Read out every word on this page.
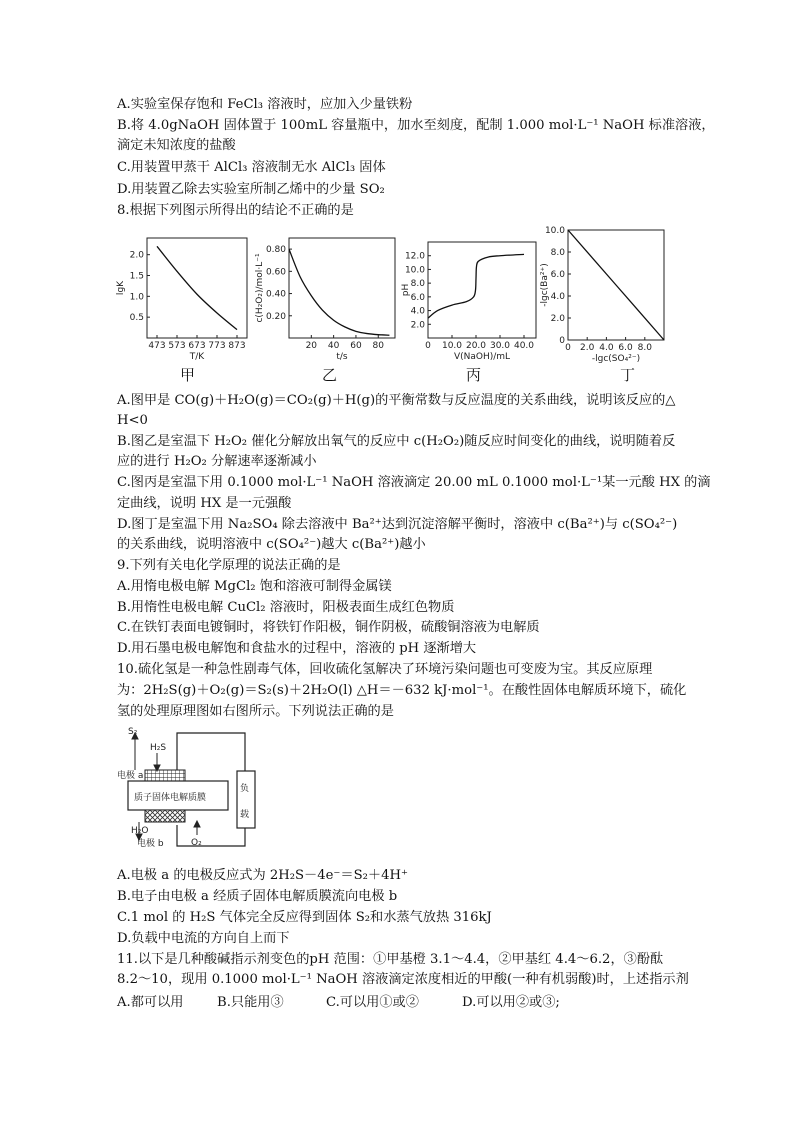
A.实验室保存饱和 FeCl₃ 溶液时，应加入少量铁粉
B.将 4.0gNaOH 固体置于 100mL 容量瓶中，加水至刻度，配制 1.000 mol·L⁻¹ NaOH 标准溶液，
滴定未知浓度的盐酸
C.用装置甲蒸干 AlCl₃ 溶液制无水 AlCl₃ 固体
D.用装置乙除去实验室所制乙烯中的少量 SO₂
8.根据下列图示所得出的结论不正确的是
473 573 673 773 873
0.5
1.0
1.5
2.0
T/K
lgK
20 40 60 80
0.20
0.40
0.60
0.80
t/s
c(H₂O₂)/mol·L⁻¹
0 10.0 20.0 30.0 40.0
2.0
4.0
6.0
8.0
10.0
12.0
V(NaOH)/mL
pH
0 2.0 4.0 6.0 8.0
0
2.0
4.0
6.0
8.0
10.0
-lgc(SO₄²⁻)
-lgc(Ba²⁺)
甲	乙	丙	丁
A.图甲是 CO(g)＋H₂O(g)＝CO₂(g)＋H(g)的平衡常数与反应温度的关系曲线，说明该反应的△
H<0
B.图乙是室温下 H₂O₂ 催化分解放出氧气的反应中 c(H₂O₂)随反应时间变化的曲线，说明随着反
应的进行 H₂O₂ 分解速率逐渐减小
C.图丙是室温下用 0.1000 mol·L⁻¹ NaOH 溶液滴定 20.00 mL 0.1000 mol·L⁻¹某一元酸 HX 的滴
定曲线，说明 HX 是一元强酸
D.图丁是室温下用 Na₂SO₄ 除去溶液中 Ba²⁺达到沉淀溶解平衡时，溶液中 c(Ba²⁺)与 c(SO₄²⁻)
的关系曲线，说明溶液中 c(SO₄²⁻)越大 c(Ba²⁺)越小
9.下列有关电化学原理的说法正确的是
A.用惰电极电解 MgCl₂ 饱和溶液可制得金属镁
B.用惰性电极电解 CuCl₂ 溶液时，阳极表面生成红色物质
C.在铁钉表面电镀铜时，将铁钉作阳极，铜作阴极，硫酸铜溶液为电解质
D.用石墨电极电解饱和食盐水的过程中，溶液的 pH 逐渐增大
10.硫化氢是一种急性剧毒气体，回收硫化氢解决了环境污染问题也可变废为宝。其反应原理
为：2H₂S(g)＋O₂(g)＝S₂(s)＋2H₂O(l) △H＝－632 kJ·mol⁻¹。在酸性固体电解质环境下，硫化
氢的处理原理图如右图所示。下列说法正确的是
S₂
H₂S
电极 a
质子固体电解质膜
H₂O
电极 b	O₂
负
载
A.电极 a 的电极反应式为 2H₂S－4e⁻＝S₂＋4H⁺
B.电子由电极 a 经质子固体电解质膜流向电极 b
C.1 mol 的 H₂S 气体完全反应得到固体 S₂和水蒸气放热 316kJ
D.负载中电流的方向自上而下
11.以下是几种酸碱指示剂变色的pH 范围：①甲基橙 3.1～4.4，②甲基红 4.4～6.2，③酚酞
8.2～10，现用 0.1000 mol·L⁻¹ NaOH 溶液滴定浓度相近的甲酸(一种有机弱酸)时，上述指示剂
A.都可以用	B.只能用③	C.可以用①或②	D.可以用②或③;
